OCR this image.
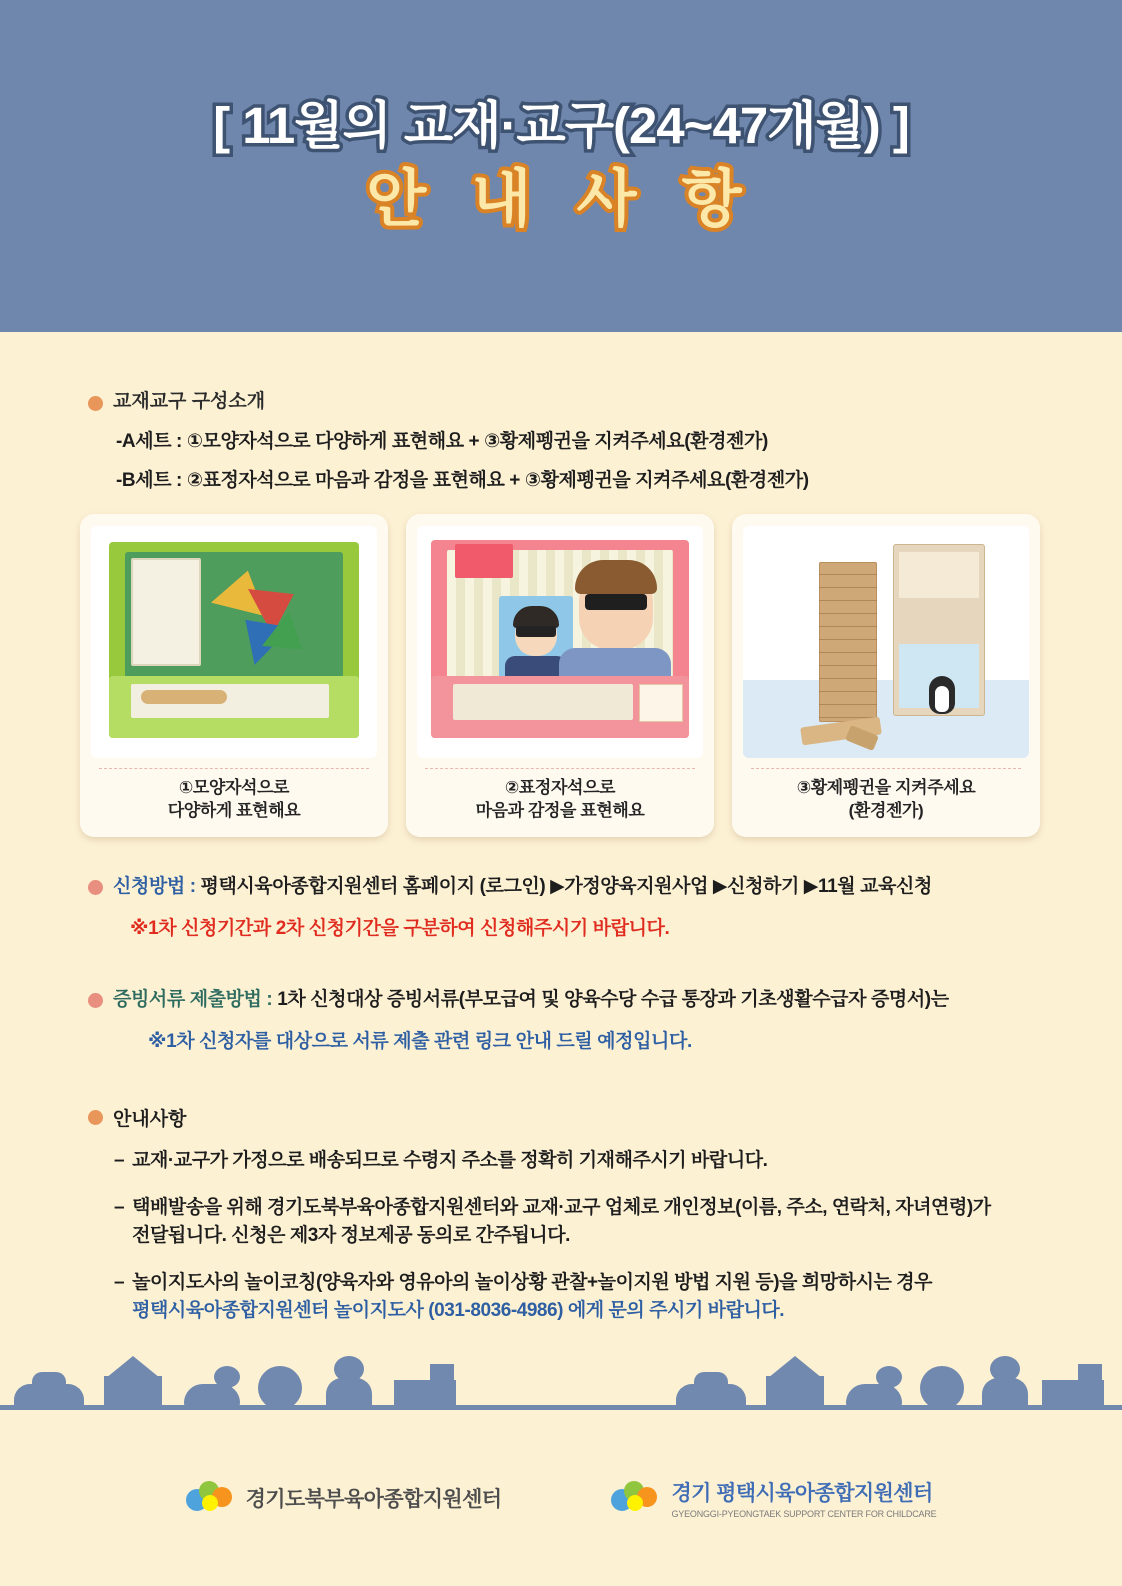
[ 11월의 교재·교구(24~47개월) ]
안 내 사 항
교재교구 구성소개
-A세트 : ①모양자석으로 다양하게 표현해요 + ③황제펭귄을 지켜주세요(환경젠가)
-B세트 : ②표정자석으로 마음과 감정을 표현해요 + ③황제펭귄을 지켜주세요(환경젠가)
①모양자석으로
다양하게 표현해요
②표정자석으로
마음과 감정을 표현해요
③황제펭귄을 지켜주세요
(환경젠가)
신청방법 : 평택시육아종합지원센터 홈페이지 (로그인) ▶가정양육지원사업 ▶신청하기 ▶11월 교육신청
※1차 신청기간과 2차 신청기간을 구분하여 신청해주시기 바랍니다.
증빙서류 제출방법 : 1차 신청대상 증빙서류(부모급여 및 양육수당 수급 통장과 기초생활수급자 증명서)는
※1차 신청자를 대상으로 서류 제출 관련 링크 안내 드릴 예정입니다.
안내사항
– 교재·교구가 가정으로 배송되므로 수령지 주소를 정확히 기재해주시기 바랍니다.
– 택배발송을 위해 경기도북부육아종합지원센터와 교재·교구 업체로 개인정보(이름, 주소, 연락처, 자녀연령)가
전달됩니다. 신청은 제3자 정보제공 동의로 간주됩니다.
– 놀이지도사의 놀이코칭(양육자와 영유아의 놀이상황 관찰+놀이지원 방법 지원 등)을 희망하시는 경우
평택시육아종합지원센터 놀이지도사 (031-8036-4986) 에게 문의 주시기 바랍니다.
경기도북부육아종합지원센터	경기 평택시육아종합지원센터
GYEONGGI-PYEONGTAEK SUPPORT CENTER FOR CHILDCARE
